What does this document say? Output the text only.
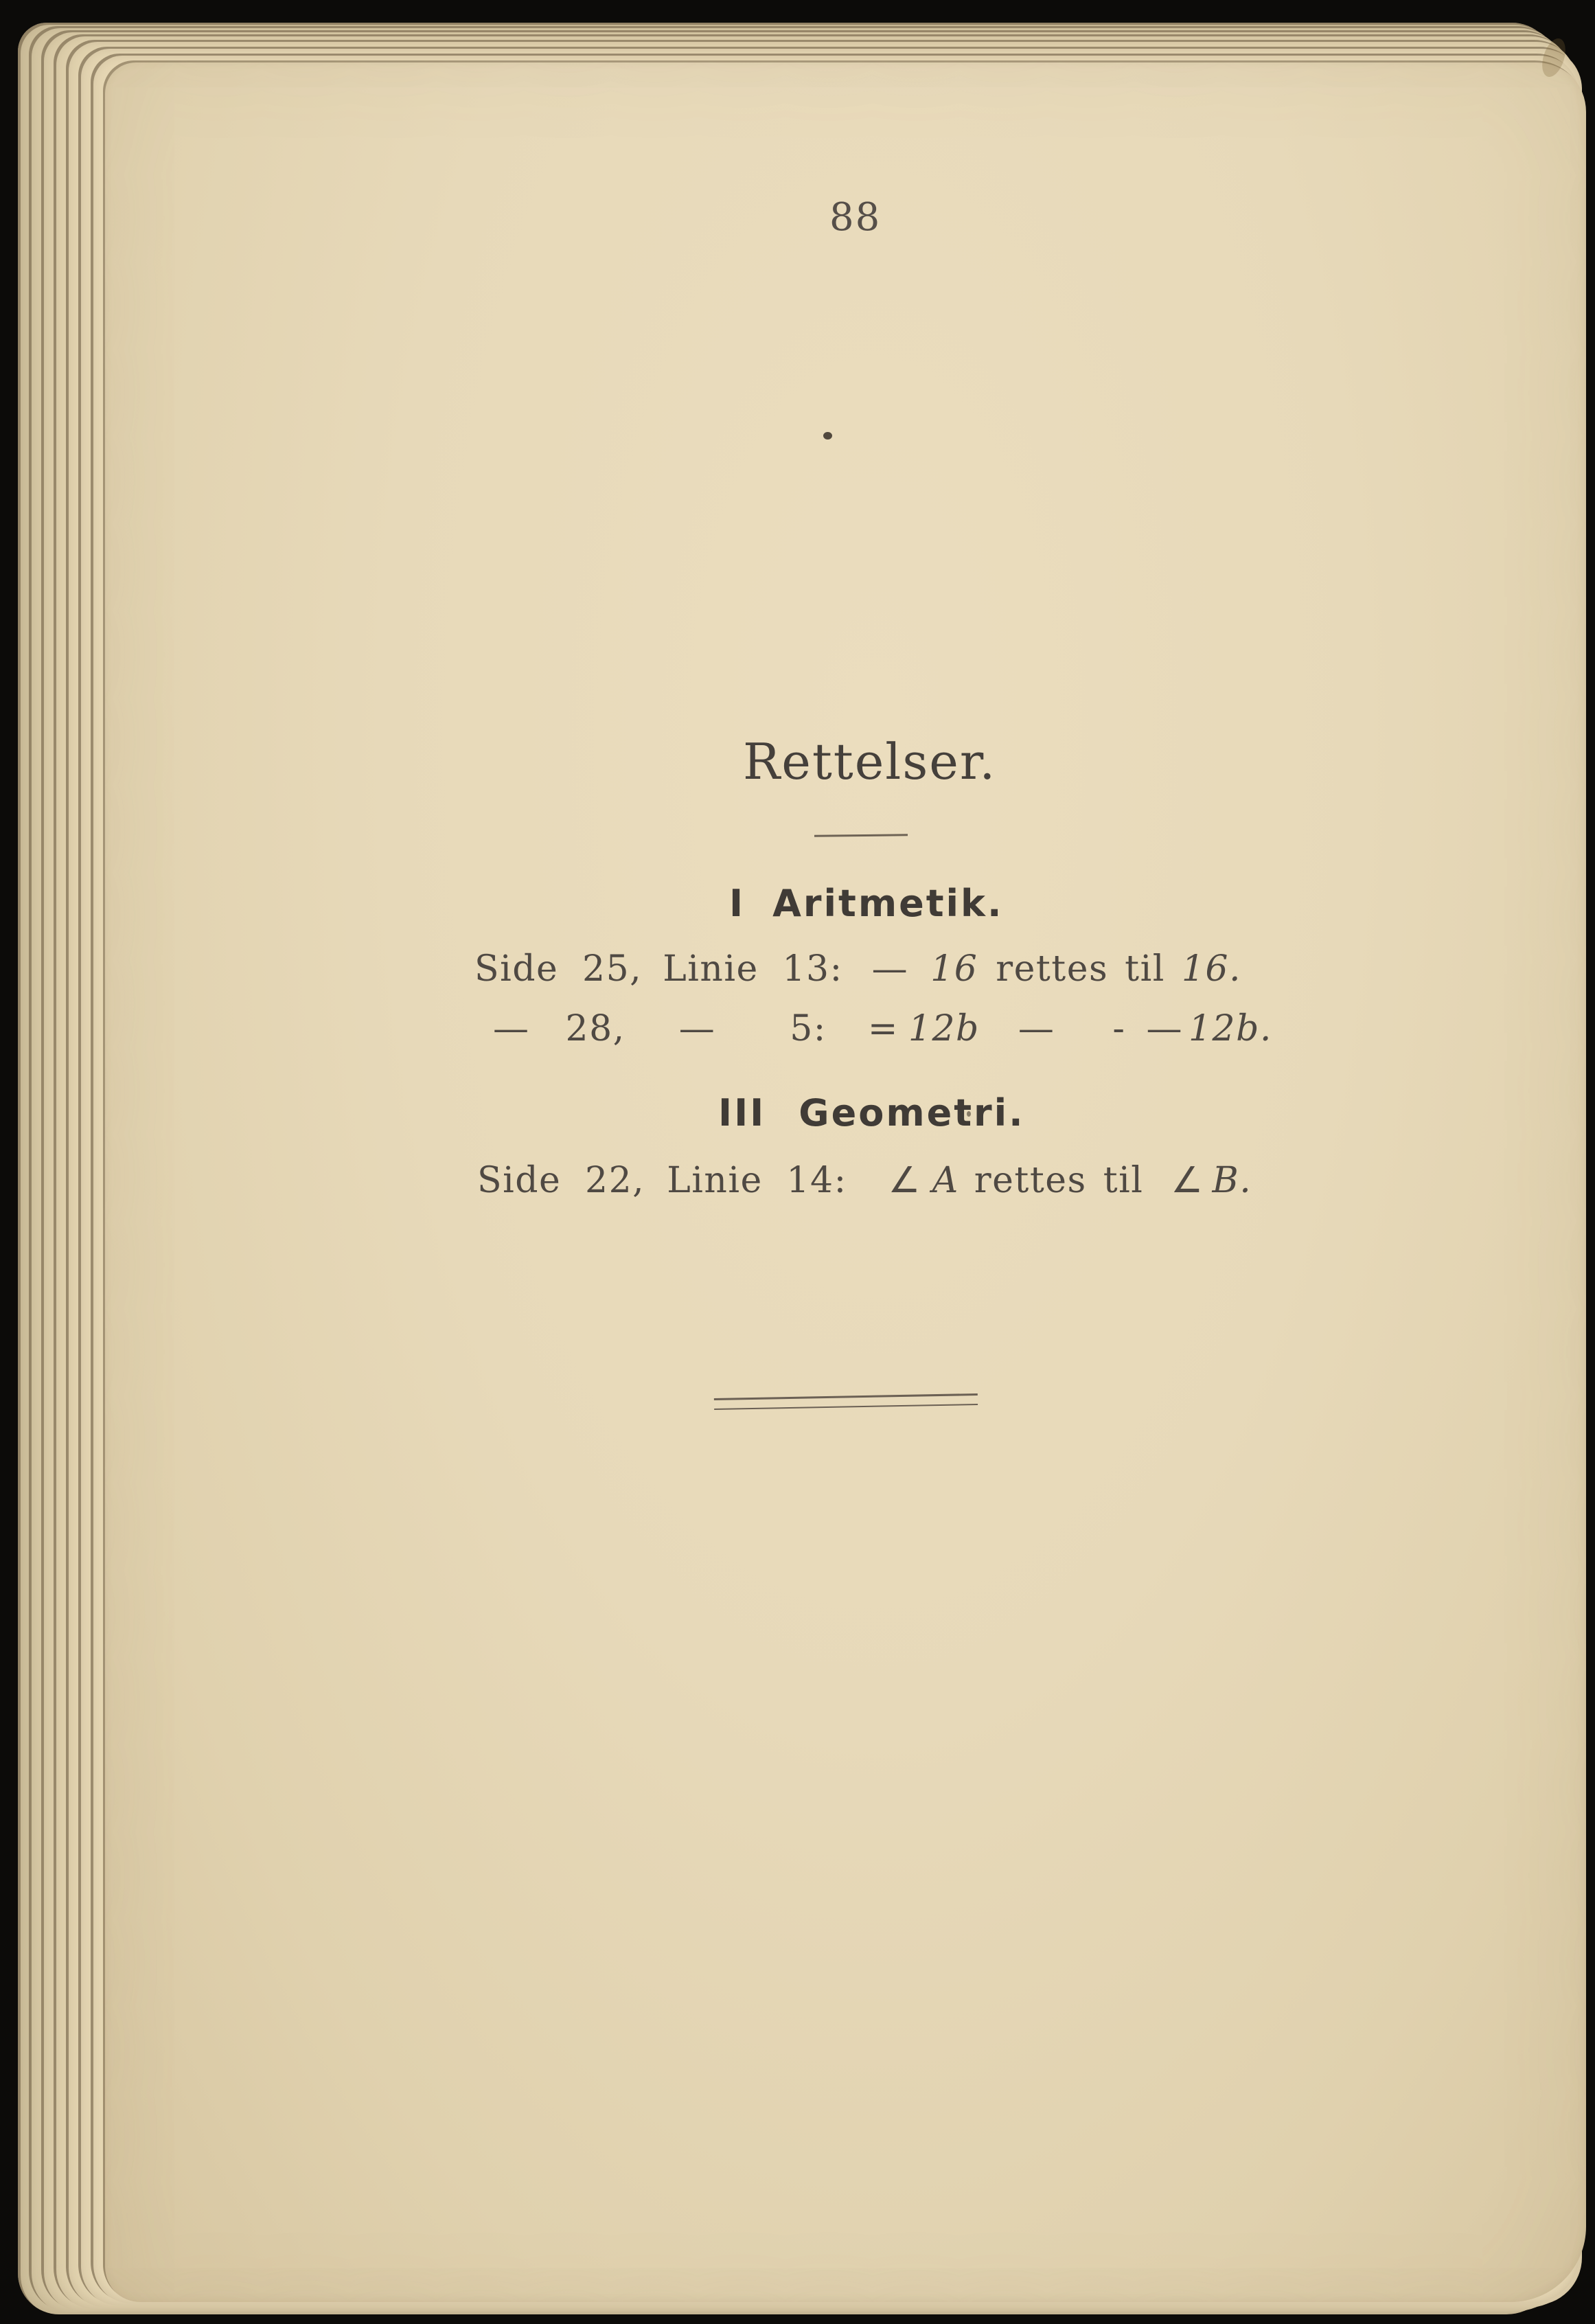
88
Rettelser.
I Aritmetik.
Side 25, Linie 13: — 16 rettes til 16.
— 28, — 5: = 12b — - — 12b.
III Geometri.
Side 22, Linie 14: ∠ A rettes til ∠ B.
